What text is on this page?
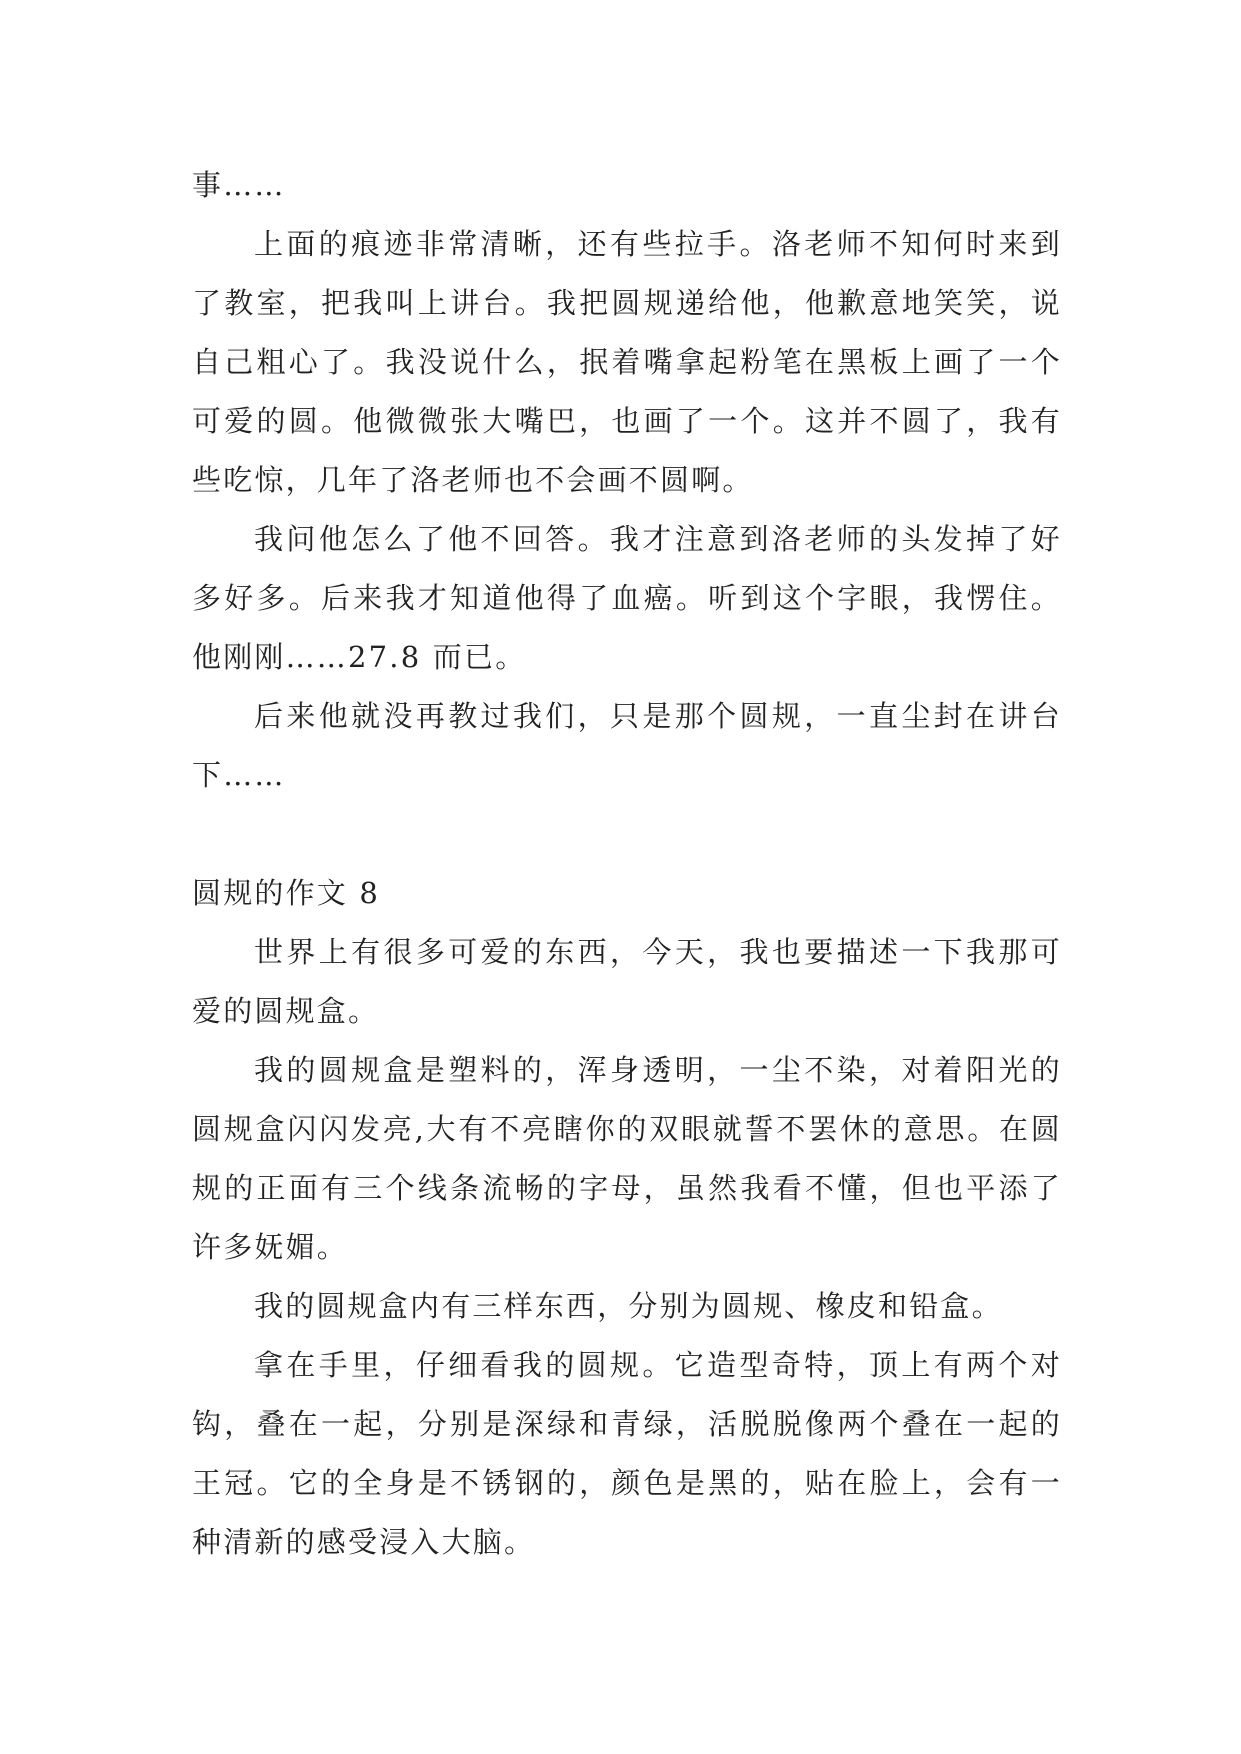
事……

上面的痕迹非常清晰，还有些拉手。洛老师不知何时来到了教室，把我叫上讲台。我把圆规递给他，他歉意地笑笑，说自己粗心了。我没说什么，抿着嘴拿起粉笔在黑板上画了一个可爱的圆。他微微张大嘴巴，也画了一个。这并不圆了，我有些吃惊，几年了洛老师也不会画不圆啊。

我问他怎么了他不回答。我才注意到洛老师的头发掉了好多好多。后来我才知道他得了血癌。听到这个字眼，我愣住。他刚刚……27.8 而已。

后来他就没再教过我们，只是那个圆规，一直尘封在讲台下……

圆规的作文 8

世界上有很多可爱的东西，今天，我也要描述一下我那可爱的圆规盒。

我的圆规盒是塑料的，浑身透明，一尘不染，对着阳光的圆规盒闪闪发亮,大有不亮瞎你的双眼就誓不罢休的意思。在圆规的正面有三个线条流畅的字母，虽然我看不懂，但也平添了许多妩媚。

我的圆规盒内有三样东西，分别为圆规、橡皮和铅盒。

拿在手里，仔细看我的圆规。它造型奇特，顶上有两个对钩，叠在一起，分别是深绿和青绿，活脱脱像两个叠在一起的王冠。它的全身是不锈钢的，颜色是黑的，贴在脸上，会有一种清新的感受浸入大脑。
